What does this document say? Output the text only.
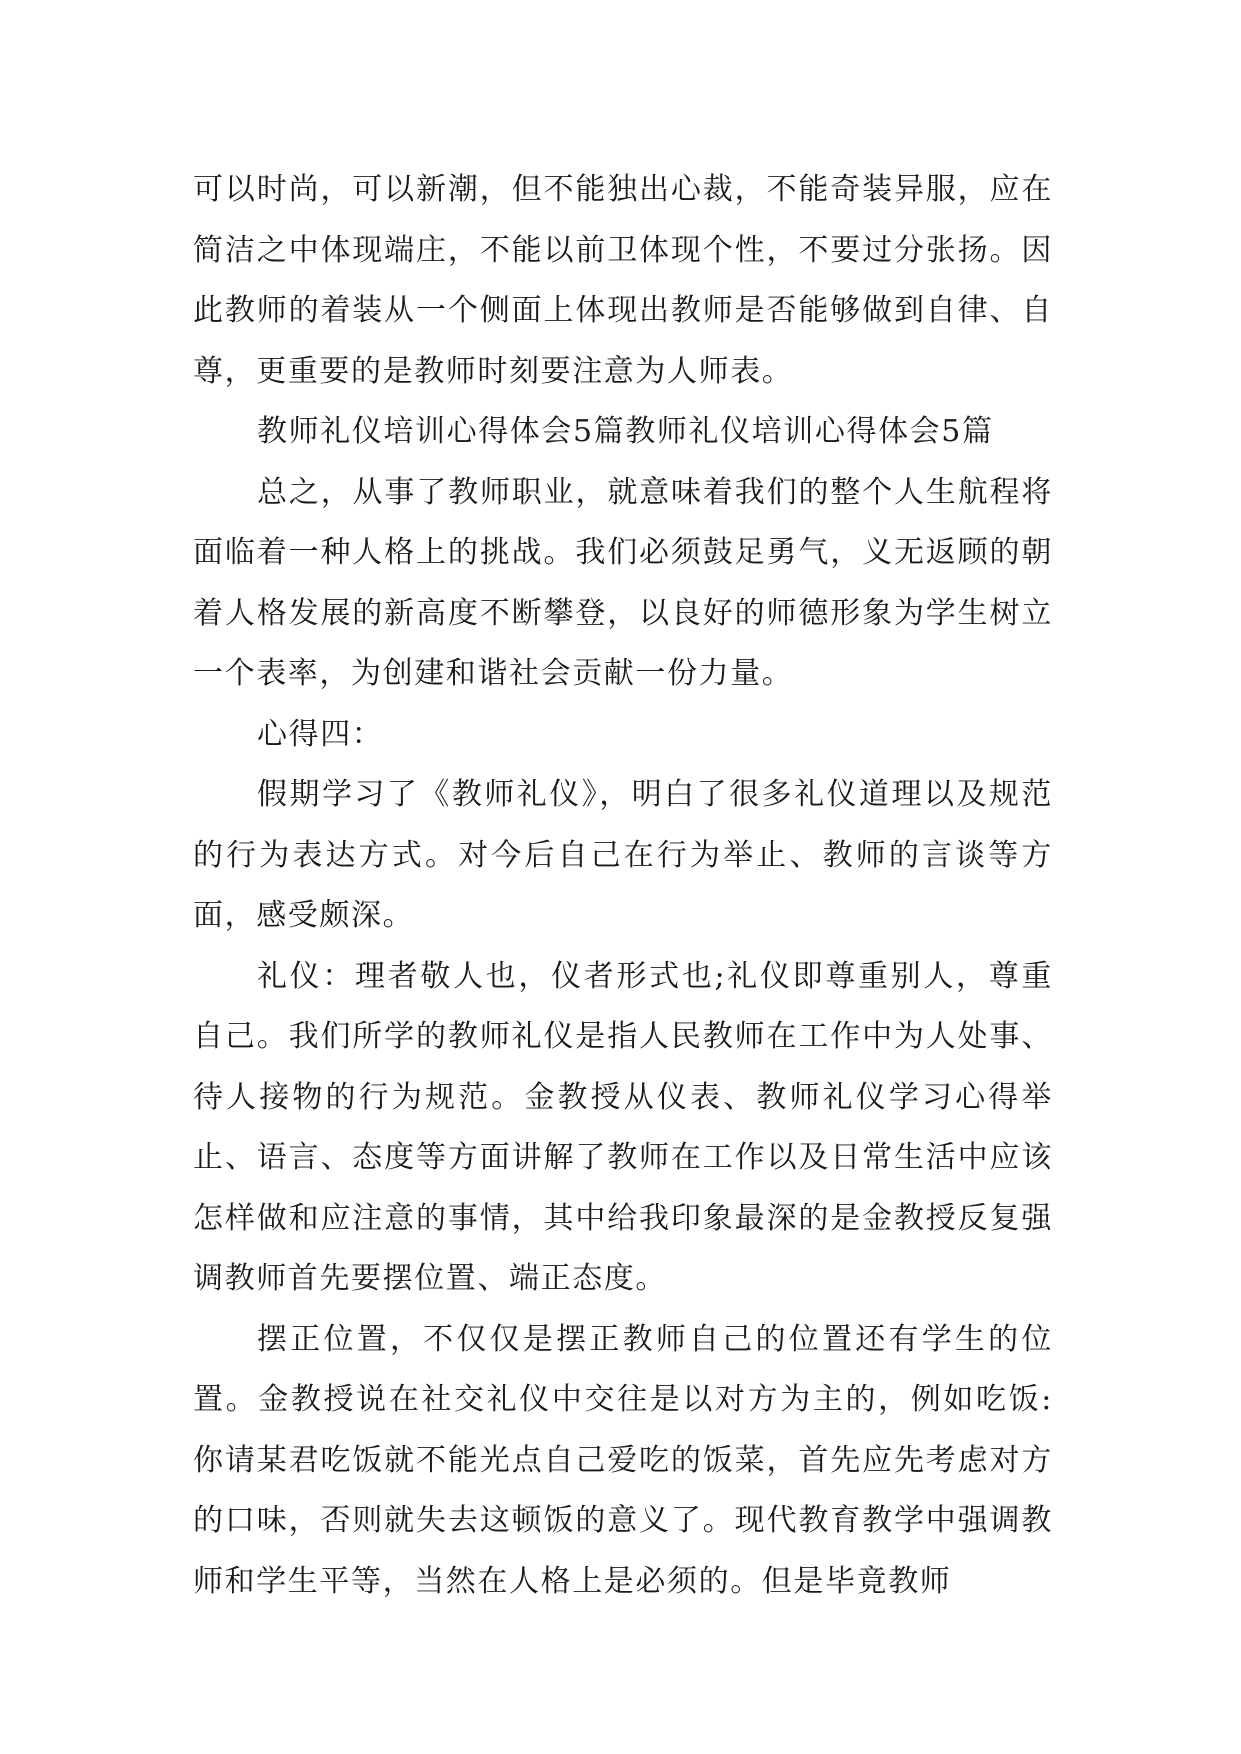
可以时尚，可以新潮，但不能独出心裁，不能奇装异服，应在简洁之中体现端庄，不能以前卫体现个性，不要过分张扬。因此教师的着装从一个侧面上体现出教师是否能够做到自律、自尊，更重要的是教师时刻要注意为人师表。

教师礼仪培训心得体会5篇教师礼仪培训心得体会5篇

总之，从事了教师职业，就意味着我们的整个人生航程将面临着一种人格上的挑战。我们必须鼓足勇气，义无返顾的朝着人格发展的新高度不断攀登，以良好的师德形象为学生树立一个表率，为创建和谐社会贡献一份力量。

心得四：

假期学习了《教师礼仪》，明白了很多礼仪道理以及规范的行为表达方式。对今后自己在行为举止、教师的言谈等方面，感受颇深。

礼仪：理者敬人也，仪者形式也;礼仪即尊重别人，尊重自己。我们所学的教师礼仪是指人民教师在工作中为人处事、待人接物的行为规范。金教授从仪表、教师礼仪学习心得举止、语言、态度等方面讲解了教师在工作以及日常生活中应该怎样做和应注意的事情，其中给我印象最深的是金教授反复强调教师首先要摆位置、端正态度。

摆正位置，不仅仅是摆正教师自己的位置还有学生的位置。金教授说在社交礼仪中交往是以对方为主的，例如吃饭:你请某君吃饭就不能光点自己爱吃的饭菜，首先应先考虑对方的口味，否则就失去这顿饭的意义了。现代教育教学中强调教师和学生平等，当然在人格上是必须的。但是毕竟教师
